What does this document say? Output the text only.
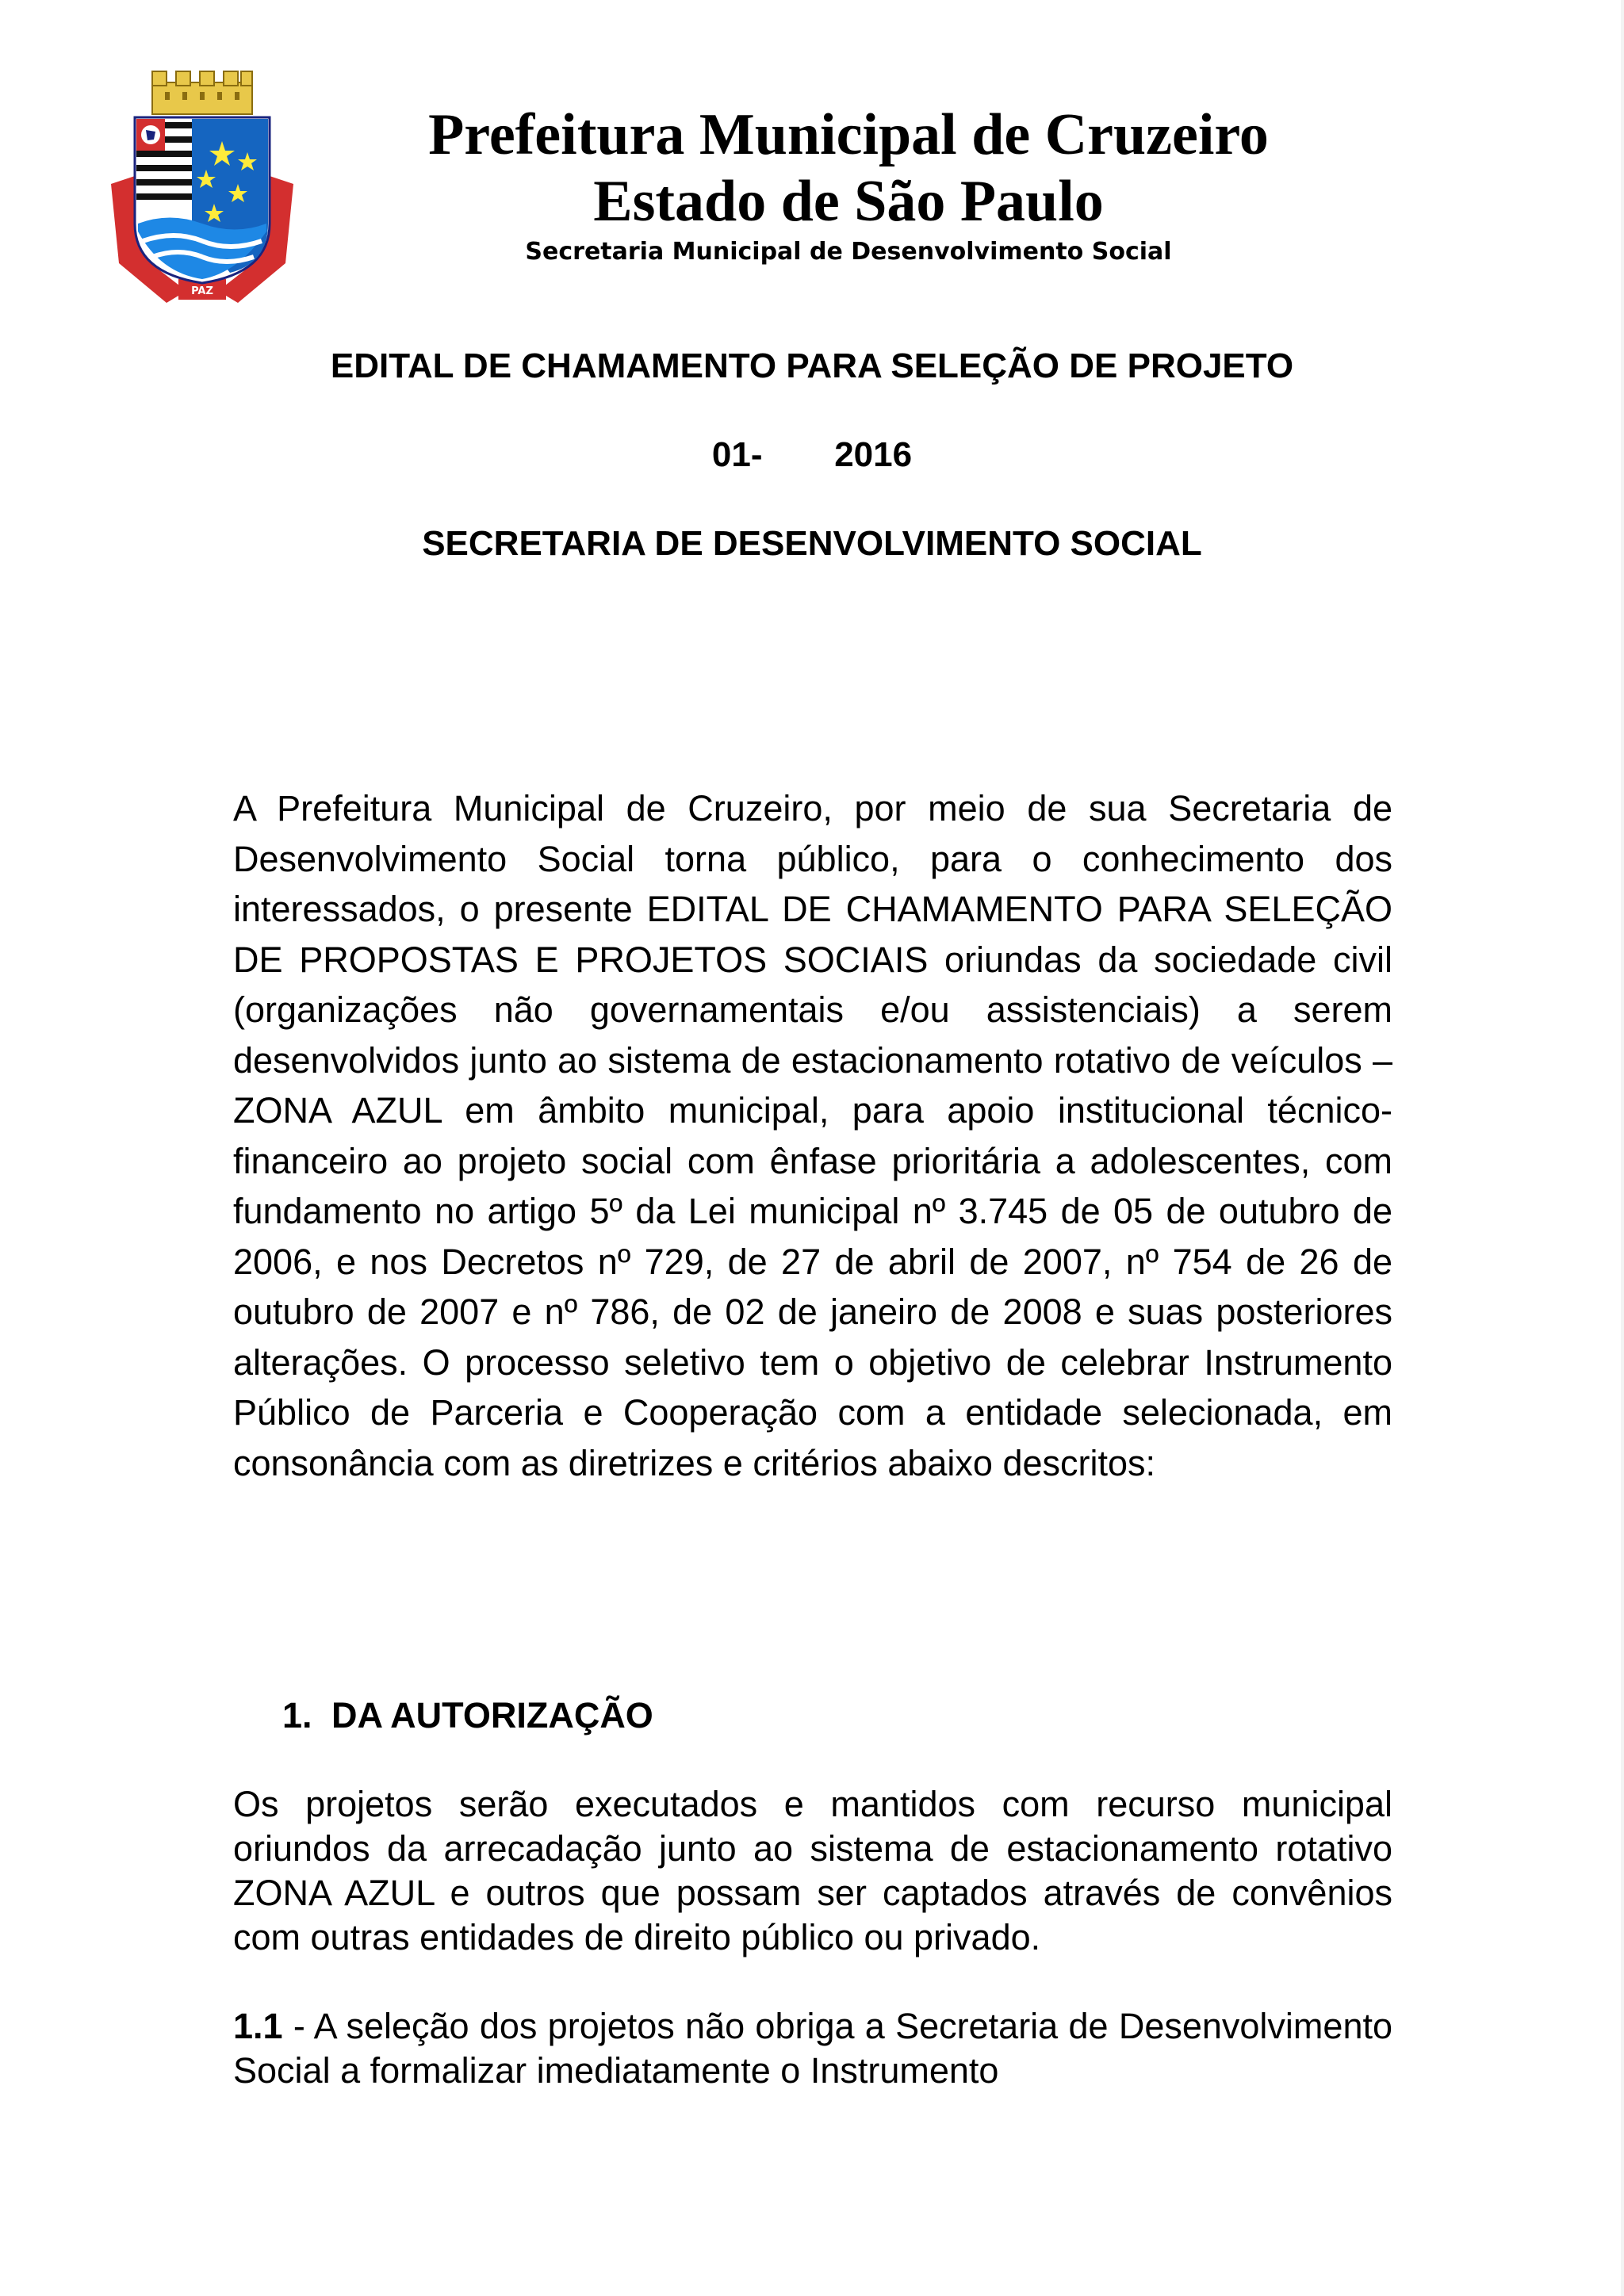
PAZ
Prefeitura Municipal de Cruzeiro
Estado de São Paulo
Secretaria Municipal de Desenvolvimento Social
EDITAL DE CHAMAMENTO PARA SELEÇÃO DE PROJETO
01-   2016
SECRETARIA DE DESENVOLVIMENTO SOCIAL
A Prefeitura Municipal de Cruzeiro, por meio de sua Secretaria de Desenvolvimento Social torna público, para o conhecimento dos interessados, o presente EDITAL DE CHAMAMENTO PARA SELEÇÃO DE PROPOSTAS E PROJETOS SOCIAIS oriundas da sociedade civil (organizações não governamentais e/ou assistenciais) a serem desenvolvidos junto ao sistema de estacionamento rotativo de veículos – ZONA AZUL em âmbito municipal, para apoio institucional técnico-financeiro ao projeto social com ênfase prioritária a adolescentes, com fundamento no artigo 5º da Lei municipal nº 3.745 de 05 de outubro de 2006, e nos Decretos nº 729, de 27 de abril de 2007, nº 754 de 26 de outubro de 2007 e nº 786, de 02 de janeiro de 2008 e suas posteriores alterações. O processo seletivo tem o objetivo de celebrar Instrumento Público de Parceria e Cooperação com a entidade selecionada, em consonância com as diretrizes e critérios abaixo descritos:
1. DA AUTORIZAÇÃO
Os projetos serão executados e mantidos com recurso municipal oriundos da arrecadação junto ao sistema de estacionamento rotativo  ZONA AZUL e outros que possam ser captados através de convênios com outras entidades de direito público ou privado.
1.1 - A seleção dos projetos não obriga a Secretaria de Desenvolvimento Social a formalizar imediatamente o Instrumento
